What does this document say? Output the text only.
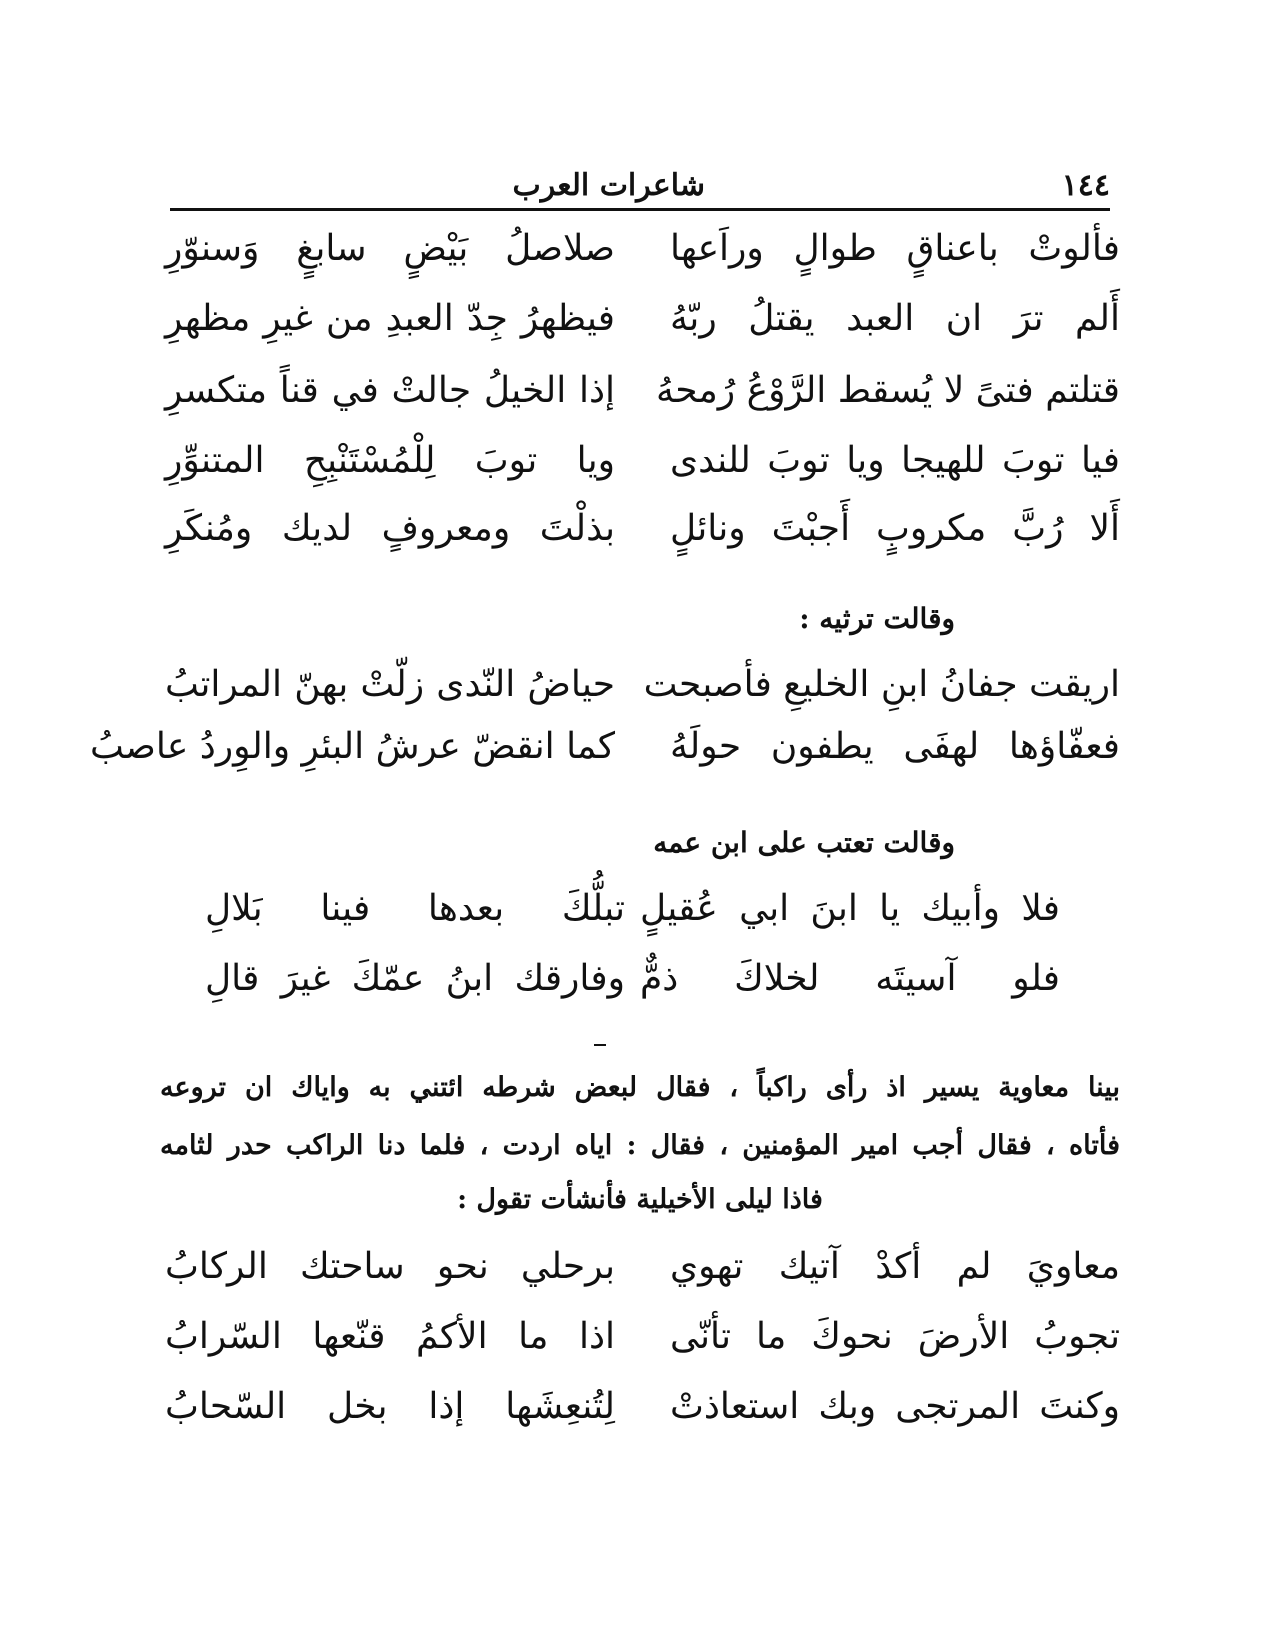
١٤٤
شاعرات العرب
فألوتْ باعناقٍ طوالٍ وراَعها
صلاصلُ بَيْضٍ سابغٍ وَسنوّرِ
أَلم ترَ ان العبد يقتلُ ربّهُ
فيظهرُ جِدّ العبدِ من غيرِ مظهرِ
قتلتم فتىً لا يُسقط الرَّوْعُ رُمحهُ
إذا الخيلُ جالتْ في قناً متكسرِ
فيا توبَ للهيجا ويا توبَ للندى
ويا توبَ لِلْمُسْتَنْبِحِ المتنوِّرِ
أَلا رُبَّ مكروبٍ أَجبْتَ ونائلٍ
بذلْتَ ومعروفٍ لديك ومُنكَرِ
وقالت ترثيه :
اريقت جفانُ ابنِ الخليعِ فأصبحت
حياضُ النّدى زلّتْ بهنّ المراتبُ
فعفّاؤها لهفَى يطفون حولَهُ
كما انقضّ عرشُ البئرِ والوِردُ عاصبُ
وقالت تعتب على ابن عمه
فلا وأبيك يا ابنَ ابي عُقيلٍ
تبلُّكَ بعدها فينا بَلالِ
فلو آسيتَه لخلاكَ ذمٌّ
وفارقك ابنُ عمّكَ غيرَ قالِ
بينا معاوية يسير اذ رأى راكباً ، فقال لبعض شرطه ائتني به واياك ان تروعه
فأتاه ، فقال أجب امير المؤمنين ، فقال : اياه اردت ، فلما دنا الراكب حدر لثامه
فاذا ليلى الأخيلية فأنشأت تقول :
معاويَ لم أكدْ آتيك تهوي
برحلي نحو ساحتك الركابُ
تجوبُ الأرضَ نحوكَ ما تأنّى
اذا ما الأكمُ قنّعها السّرابُ
وكنتَ المرتجى وبك استعاذتْ
لِتُنعِشَها إذا بخل السّحابُ
